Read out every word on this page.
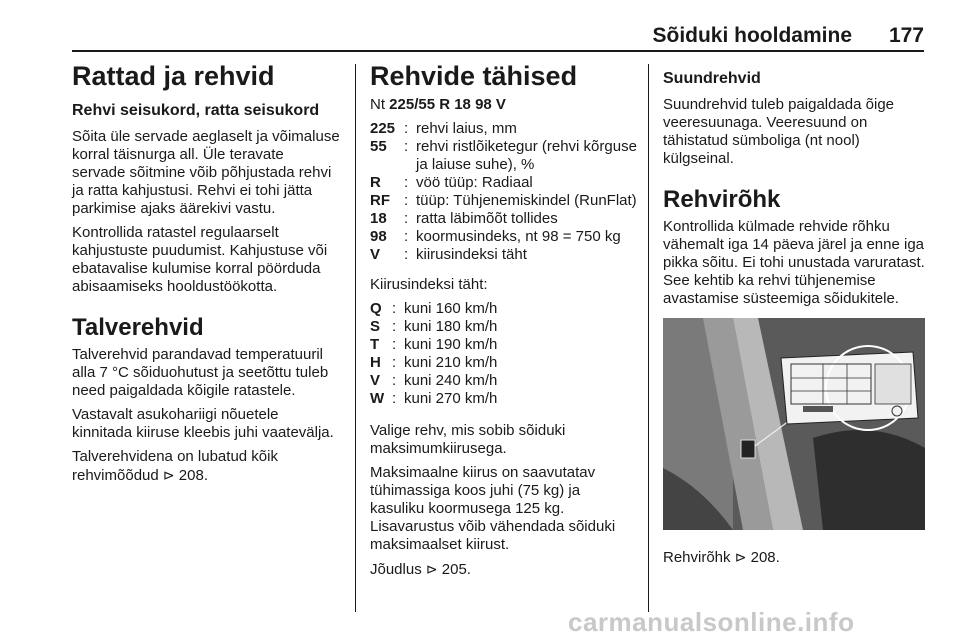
Sõiduki hooldamine 177
Rattad ja rehvid
Rehvi seisukord, ratta seisukord

Sõita üle servade aeglaselt ja võimaluse korral täisnurga all. Üle teravate servade sõitmine võib põhjustada rehvi ja ratta kahjustusi. Rehvi ei tohi jätta parkimise ajaks äärekivi vastu.

Kontrollida ratastel regulaarselt kahjustuste puudumist. Kahjustuse või ebatavalise kulumise korral pöörduda abisaamiseks hooldustöökotta.

Talverehvid

Talverehvid parandavad temperatuuril alla 7 °C sõiduohutust ja seetõttu tuleb need paigaldada kõigile ratastele.

Vastavalt asukohariigi nõuetele kinnitada kiiruse kleebis juhi vaatevälja.

Talverehvidena on lubatud kõik rehvimõõdud ⊳ 208.

Rehvide tähised

Nt 225/55 R 18 98 V

225 : rehvi laius, mm
55	: rehvi ristlõiketegur (rehvi kõrguse ja laiuse suhe), %
R	: vöö tüüp: Radiaal
RF : tüüp: Tühjenemiskindel (RunFlat)
18	: ratta läbimõõt tollides
98	: koormusindeks, nt 98 = 750 kg
V	: kiirusindeksi täht

Kiirusindeksi täht:

Q : kuni 160 km/h
S : kuni 180 km/h
T : kuni 190 km/h
H : kuni 210 km/h
V : kuni 240 km/h
W : kuni 270 km/h

Valige rehv, mis sobib sõiduki maksimumkiirusega.

Maksimaalne kiirus on saavutatav tühimassiga koos juhi (75 kg) ja kasuliku koormusega 125 kg. Lisavarustus võib vähendada sõiduki maksimaalset kiirust.

Jõudlus ⊳ 205.

Suundrehvid

Suundrehvid tuleb paigaldada õige veeresuunaga. Veeresuund on tähistatud sümboliga (nt nool) külgseinal.

Rehvirõhk

Kontrollida külmade rehvide rõhku vähemalt iga 14 päeva järel ja enne iga pikka sõitu. Ei tohi unustada varuratast. See kehtib ka rehvi tühjenemise avastamise süsteemiga sõidukitele.

Rehvirõhk ⊳ 208.

carmanualsonline.info
